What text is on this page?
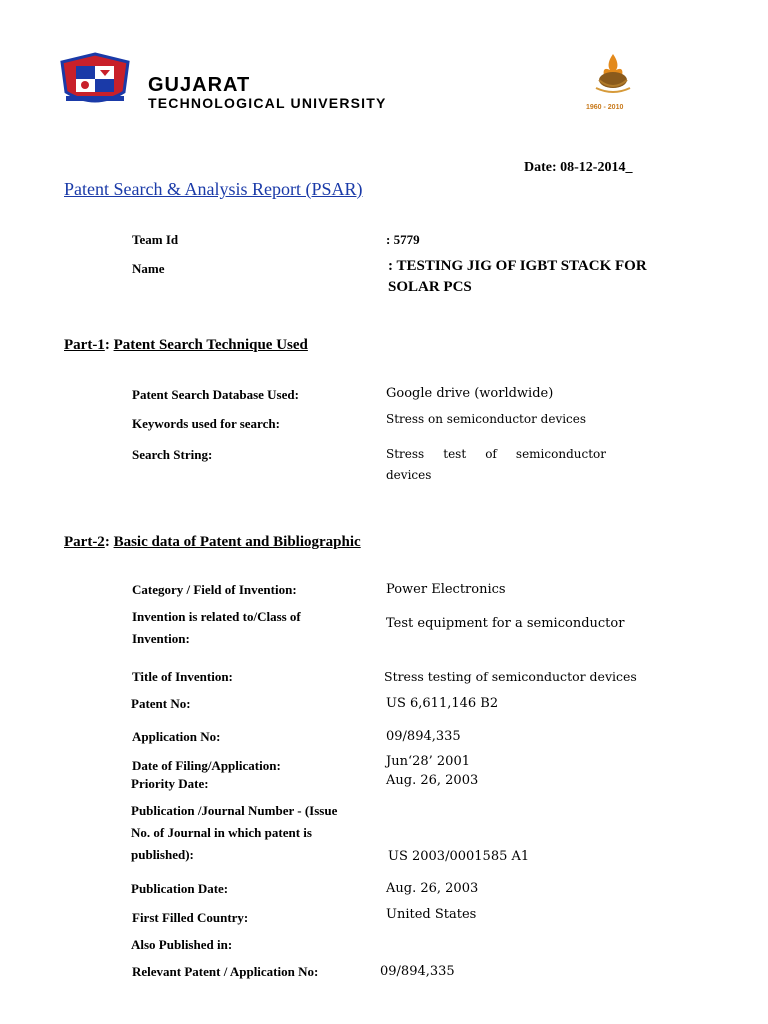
GUJARAT
TECHNOLOGICAL UNIVERSITY	1960 - 2010
Date: 08-12-2014_
Patent Search & Analysis Report (PSAR)
Team Id	: 5779
Name	: TESTING JIG OF IGBT STACK FOR
SOLAR PCS
Part-1: Patent Search Technique Used
Patent Search Database Used:	Google drive (worldwide)
Keywords used for search:	Stress on semiconductor devices
Search String:	Stress test of semiconductor
devices
Part-2: Basic data of Patent and Bibliographic
Category / Field of Invention:	Power Electronics
Invention is related to/Class of
Invention:
Test equipment for a semiconductor
Title of Invention:	Stress testing of semiconductor devices
Patent No:	US 6,611,146 B2
Application No:	09/894,335
Date of Filing/Application:	Jun‘28’ 2001
Priority Date:	Aug. 26, 2003
Publication /Journal Number - (Issue
No. of Journal in which patent is
published):	US 2003/0001585 A1
Publication Date:	Aug. 26, 2003
First Filled Country:	United States
Also Published in:
Relevant Patent / Application No:	09/894,335
